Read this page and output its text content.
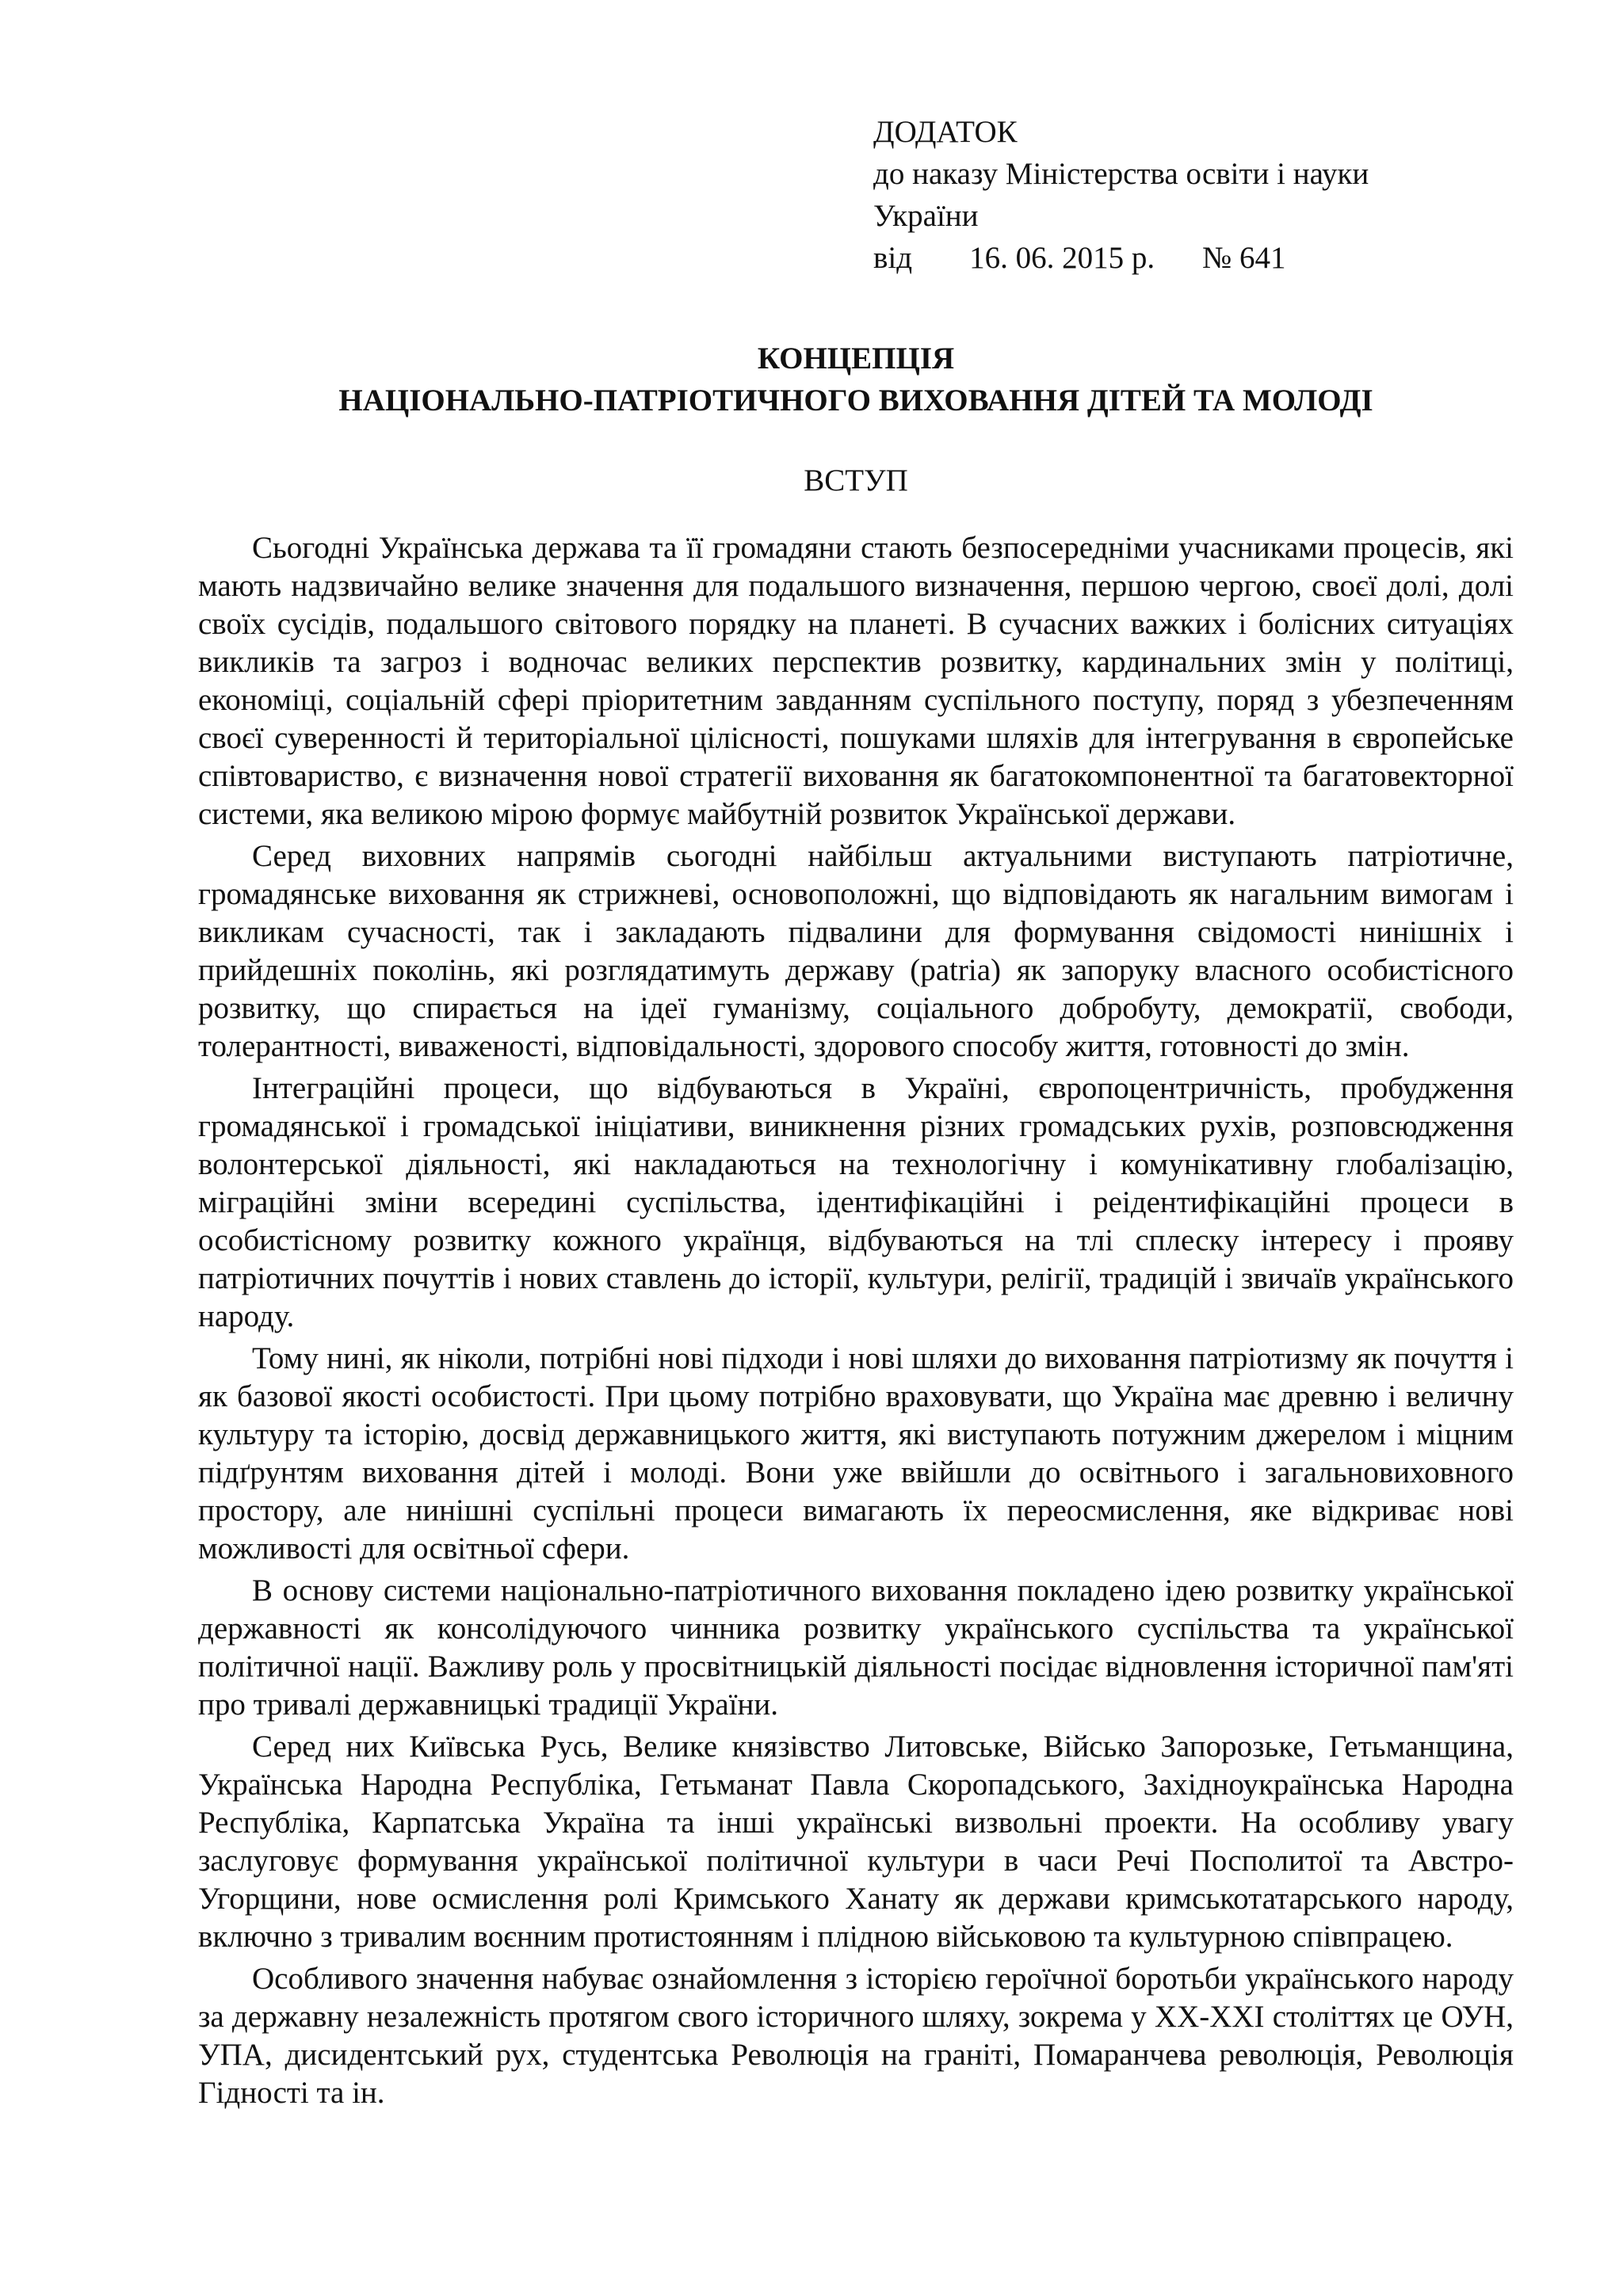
ДОДАТОК
до наказу Міністерства освіти і науки
України
від 16. 06. 2015 р. № 641
КОНЦЕПЦІЯ
НАЦІОНАЛЬНО-ПАТРІОТИЧНОГО ВИХОВАННЯ ДІТЕЙ ТА МОЛОДІ
ВСТУП

Сьогодні Українська держава та її громадяни стають безпосередніми учасниками процесів, які мають надзвичайно велике значення для подальшого визначення, першою чергою, своєї долі, долі своїх сусідів, подальшого світового порядку на планеті. В сучасних важких і болісних ситуаціях викликів та загроз і водночас великих перспектив розвитку, кардинальних змін у політиці, економіці, соціальній сфері пріоритетним завданням суспільного поступу, поряд з убезпеченням своєї суверенності й територіальної цілісності, пошуками шляхів для інтегрування в європейське співтовариство, є визначення нової стратегії виховання як багатокомпонентної та багатовекторної системи, яка великою мірою формує майбутній розвиток Української держави.

Серед виховних напрямів сьогодні найбільш актуальними виступають патріотичне, громадянське виховання як стрижневі, основоположні, що відповідають як нагальним вимогам і викликам сучасності, так і закладають підвалини для формування свідомості нинішніх і прийдешніх поколінь, які розглядатимуть державу (patria) як запоруку власного особистісного розвитку, що спирається на ідеї гуманізму, соціального добробуту, демократії, свободи, толерантності, виваженості, відповідальності, здорового способу життя, готовності до змін.

Інтеграційні процеси, що відбуваються в Україні, європоцентричність, пробудження громадянської і громадської ініціативи, виникнення різних громадських рухів, розповсюдження волонтерської діяльності, які накладаються на технологічну і комунікативну глобалізацію, міграційні зміни всередині суспільства, ідентифікаційні і реідентифікаційні процеси в особистісному розвитку кожного українця, відбуваються на тлі сплеску інтересу і прояву патріотичних почуттів і нових ставлень до історії, культури, релігії, традицій і звичаїв українського народу.

Тому нині, як ніколи, потрібні нові підходи і нові шляхи до виховання патріотизму як почуття і як базової якості особистості. При цьому потрібно враховувати, що Україна має древню і величну культуру та історію, досвід державницького життя, які виступають потужним джерелом і міцним підґрунтям виховання дітей і молоді. Вони уже ввійшли до освітнього і загальновиховного простору, але нинішні суспільні процеси вимагають їх переосмислення, яке відкриває нові можливості для освітньої сфери.

В основу системи національно-патріотичного виховання покладено ідею розвитку української державності як консолідуючого чинника розвитку українського суспільства та української політичної нації. Важливу роль у просвітницькій діяльності посідає відновлення історичної пам'яті про тривалі державницькі традиції України.

Серед них Київська Русь, Велике князівство Литовське, Військо Запорозьке, Гетьманщина, Українська Народна Республіка, Гетьманат Павла Скоропадського, Західноукраїнська Народна Республіка, Карпатська Україна та інші українські визвольні проекти. На особливу увагу заслуговує формування української політичної культури в часи Речі Посполитої та Австро-Угорщини, нове осмислення ролі Кримського Ханату як держави кримськотатарського народу, включно з тривалим воєнним протистоянням і плідною військовою та культурною співпрацею.

Особливого значення набуває ознайомлення з історією героїчної боротьби українського народу за державну незалежність протягом свого історичного шляху, зокрема у ХХ-ХХІ століттях це ОУН, УПА, дисидентський рух, студентська Революція на граніті, Помаранчева революція, Революція Гідності та ін.
